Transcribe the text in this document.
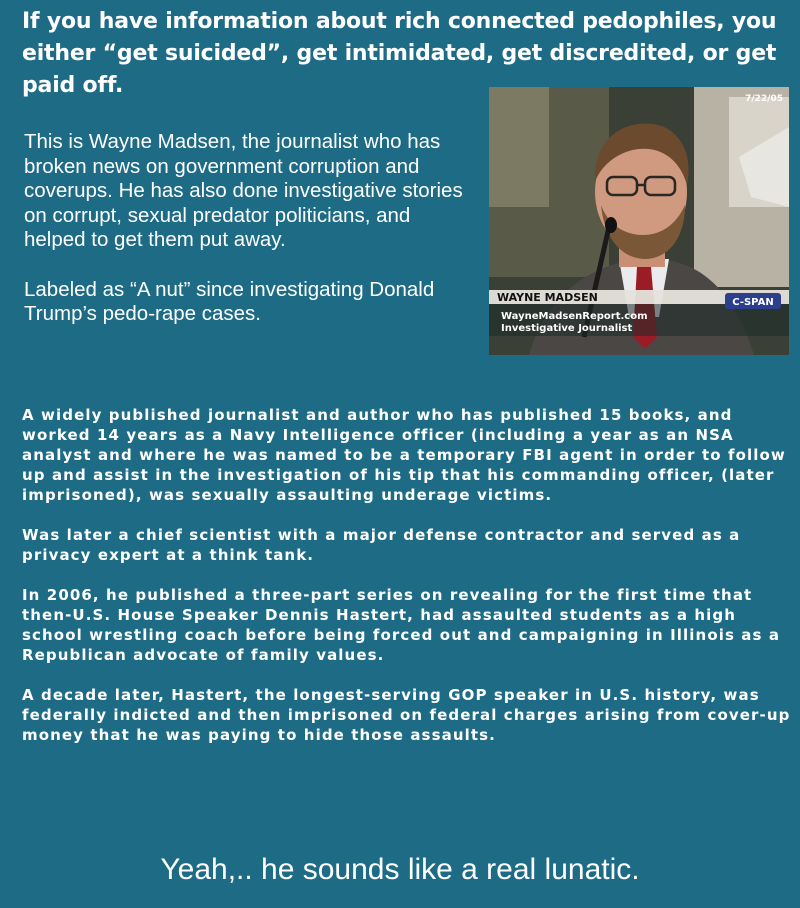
If you have information about rich connected pedophiles, you either “get suicided”, get intimidated, get discredited, or get paid off.
7/22/05
WAYNE MADSEN
WayneMadsenReport.com
Investigative Journalist
C-SPAN

This is Wayne Madsen, the journalist who has broken news on government corruption and coverups. He has also done investigative stories on corrupt, sexual predator politicians, and helped to get them put away.

Labeled as “A nut” since investigating Donald Trump’s pedo-rape cases.

A widely published journalist and author who has published 15 books, and worked 14 years as a Navy Intelligence officer (including a year as an NSA analyst and where he was named to be a temporary FBI agent in order to follow up and assist in the investigation of his tip that his commanding officer, (later imprisoned), was sexually assaulting underage victims.

Was later a chief scientist with a major defense contractor and served as a privacy expert at a think tank.

In 2006, he published a three-part series on revealing for the first time that then-U.S. House Speaker Dennis Hastert, had assaulted students as a high school wrestling coach before being forced out and campaigning in Illinois as a Republican advocate of family values.

A decade later, Hastert, the longest-serving GOP speaker in U.S. history, was federally indicted and then imprisoned on federal charges arising from cover-up money that he was paying to hide those assaults.

Yeah,.. he sounds like a real lunatic.
